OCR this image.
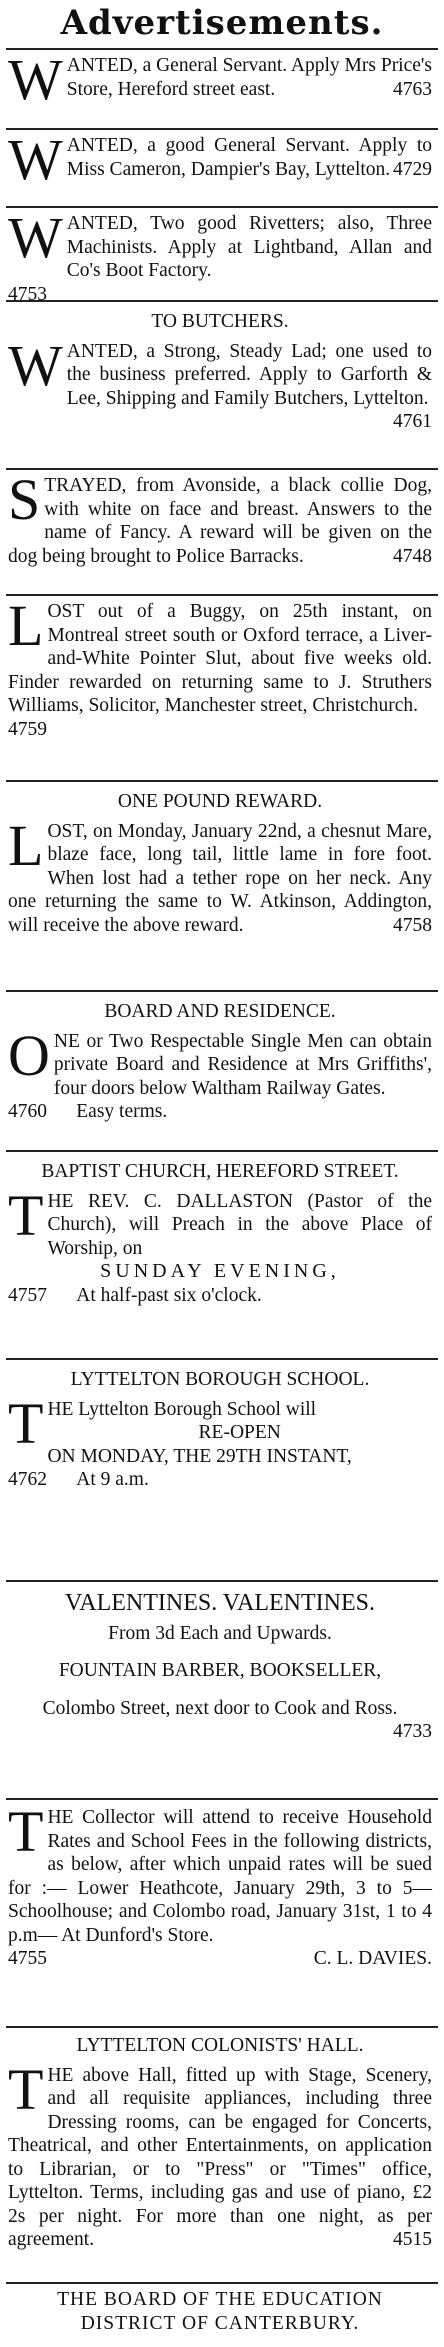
Advertisements.
WANTED, a General Servant. Apply Mrs Price's Store, Hereford street east.	4763
WANTED, a good General Servant. Apply to Miss Cameron, Dampier's Bay, Lyttelton. 4729
WANTED, Two good Rivetters; also, Three Machinists. Apply at Lightband, Allan and Co's Boot Factory.
4753
TO BUTCHERS.
W ANTED, a Strong, Steady Lad; one used to the business preferred. Apply to Garforth & Lee, Shipping and Family Butchers, Lyttelton.
4761
STRAYED, from Avonside, a black collie Dog, with white on face and breast. Answers to the name of Fancy. A reward will be given on the dog being brought to Police Barracks.	4748
LOST out of a Buggy, on 25th instant, on Montreal street south or Oxford terrace, a Liver-and-White Pointer Slut, about five weeks old. Finder rewarded on returning same to J. Struthers Williams, Solicitor, Manchester street, Christchurch.
4759
ONE POUND REWARD.
L OST, on Monday, January 22nd, a chesnut Mare, blaze face, long tail, little lame in fore foot. When lost had a tether rope on her neck. Any one returning the same to W. Atkinson, Addington, will receive the above reward.	4758
BOARD AND RESIDENCE.
O NE or Two Respectable Single Men can obtain private Board and Residence at Mrs Griffiths', four doors below Waltham Railway Gates.
4760 Easy terms.
BAPTIST CHURCH, HEREFORD STREET.
T HE REV. C. DALLASTON (Pastor of the Church), will Preach in the above Place of Worship, on
SUNDAY EVENING,
4757 At half-past six o'clock.
LYTTELTON BOROUGH SCHOOL.
T HE Lyttelton Borough School will
RE-OPEN
ON MONDAY, THE 29TH INSTANT,
4762 At 9 a.m.
VALENTINES. VALENTINES.
From 3d Each and Upwards.
FOUNTAIN BARBER, BOOKSELLER,
Colombo Street, next door to Cook and Ross.
4733
THE Collector will attend to receive Household Rates and School Fees in the following districts, as below, after which unpaid rates will be sued for :— Lower Heathcote, January 29th, 3 to 5— Schoolhouse; and Colombo road, January 31st, 1 to 4 p.m— At Dunford's Store.
4755	C. L. DAVIES.
LYTTELTON COLONISTS' HALL.
T HE above Hall, fitted up with Stage, Scenery, and all requisite appliances, including three Dressing rooms, can be engaged for Concerts, Theatrical, and other Entertainments, on application to Librarian, or to "Press" or "Times" office, Lyttelton. Terms, including gas and use of piano, £2 2s per night. For more than one night, as per agreement.	4515
THE BOARD OF THE EDUCATION DISTRICT OF CANTERBURY.
